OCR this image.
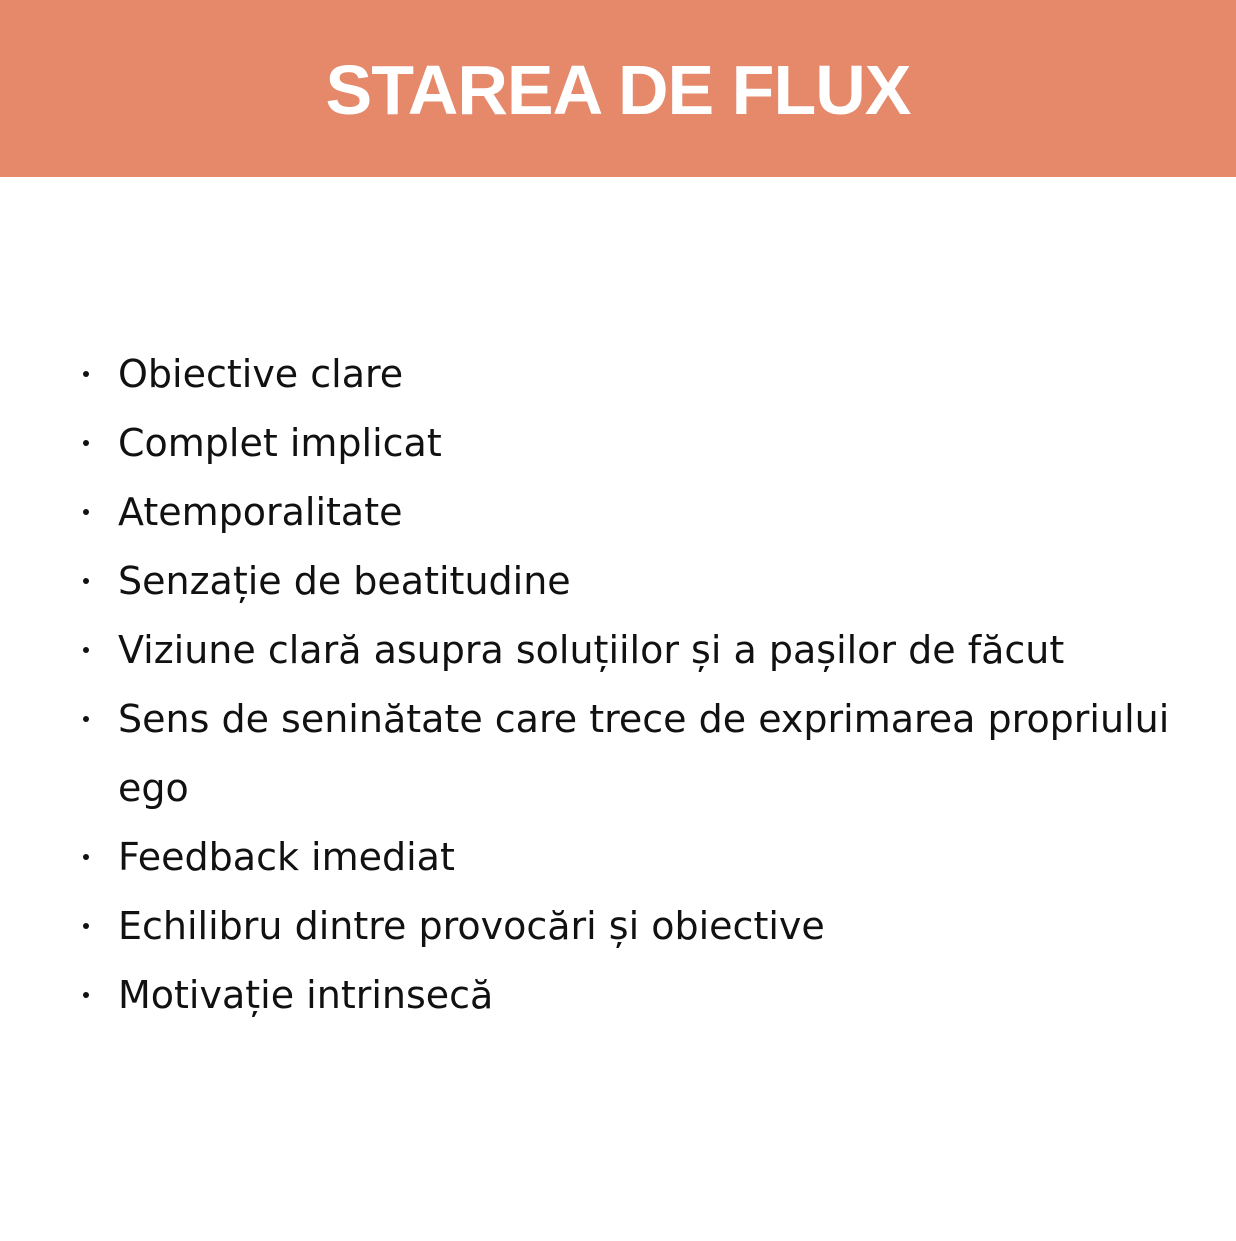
STAREA DE FLUX
Obiective clare
Complet implicat
Atemporalitate
Senzație de beatitudine
Viziune clară asupra soluțiilor și a pașilor de făcut
Sens de seninătate care trece de exprimarea propriului ego
Feedback imediat
Echilibru dintre provocări și obiective
Motivație intrinsecă
